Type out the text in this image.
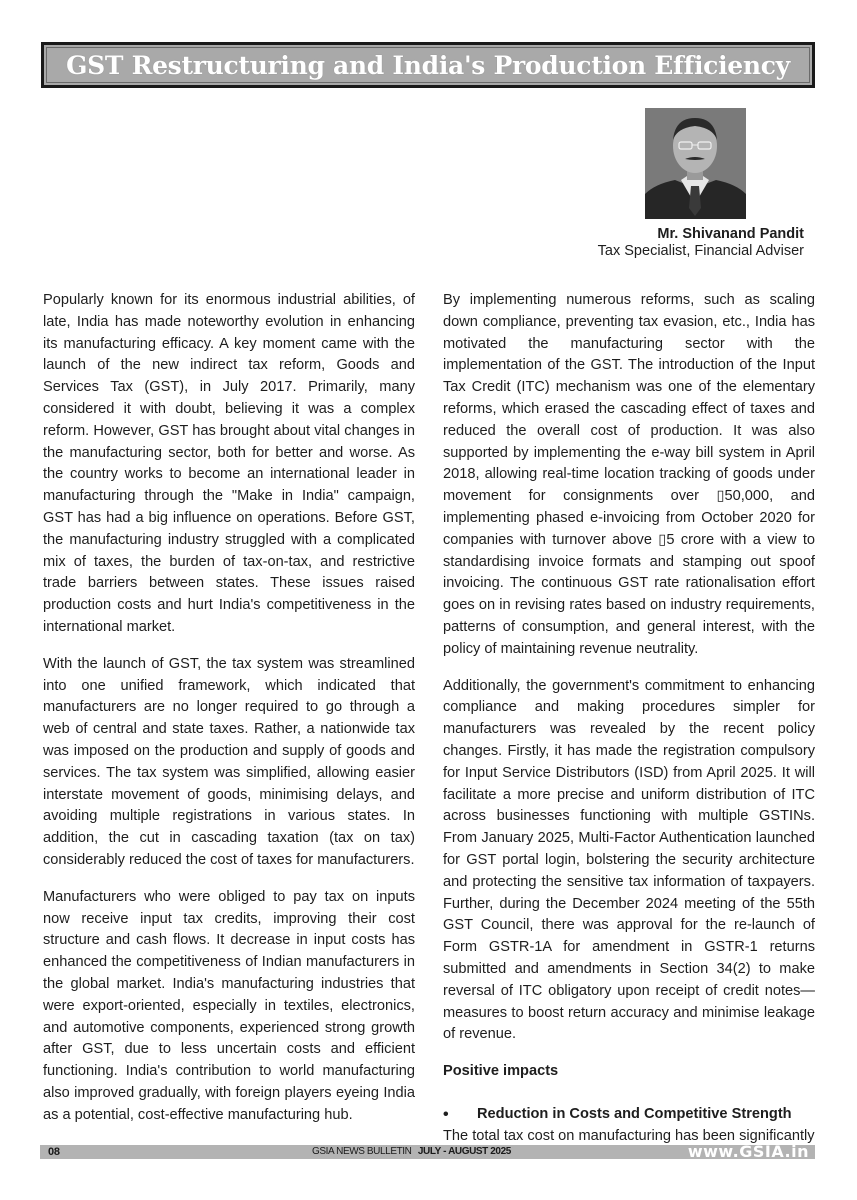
GST Restructuring and India's Production Efficiency
Mr. Shivanand Pandit
Tax Specialist, Financial Adviser

Popularly known for its enormous industrial abilities, of late, India has made noteworthy evolution in enhancing its manufacturing efficacy. A key moment came with the launch of the new indirect tax reform, Goods and Services Tax (GST), in July 2017. Primarily, many considered it with doubt, believing it was a complex reform. However, GST has brought about vital changes in the manufacturing sector, both for better and worse. As the country works to become an international leader in manufacturing through the "Make in India" campaign, GST has had a big influence on operations. Before GST, the manufacturing industry struggled with a complicated mix of taxes, the burden of tax-on-tax, and restrictive trade barriers between states. These issues raised production costs and hurt India's competitiveness in the international market.

With the launch of GST, the tax system was streamlined into one unified framework, which indicated that manufacturers are no longer required to go through a web of central and state taxes. Rather, a nationwide tax was imposed on the production and supply of goods and services. The tax system was simplified, allowing easier interstate movement of goods, minimising delays, and avoiding multiple registrations in various states. In addition, the cut in cascading taxation (tax on tax) considerably reduced the cost of taxes for manufacturers.

Manufacturers who were obliged to pay tax on inputs now receive input tax credits, improving their cost structure and cash flows. It decrease in input costs has enhanced the competitiveness of Indian manufacturers in the global market. India's manufacturing industries that were export-oriented, especially in textiles, electronics, and automotive components, experienced strong growth after GST, due to less uncertain costs and efficient functioning. India's contribution to world manufacturing also improved gradually, with foreign players eyeing India as a potential, cost-effective manufacturing hub.

By implementing numerous reforms, such as scaling down compliance, preventing tax evasion, etc., India has motivated the manufacturing sector with the implementation of the GST. The introduction of the Input Tax Credit (ITC) mechanism was one of the elementary reforms, which erased the cascading effect of taxes and reduced the overall cost of production. It was also supported by implementing the e-way bill system in April 2018, allowing real-time location tracking of goods under movement for consignments over ▯50,000, and implementing phased e-invoicing from October 2020 for companies with turnover above ▯5 crore with a view to standardising invoice formats and stamping out spoof invoicing. The continuous GST rate rationalisation effort goes on in revising rates based on industry requirements, patterns of consumption, and general interest, with the policy of maintaining revenue neutrality.

Additionally, the government's commitment to enhancing compliance and making procedures simpler for manufacturers was revealed by the recent policy changes. Firstly, it has made the registration compulsory for Input Service Distributors (ISD) from April 2025. It will facilitate a more precise and uniform distribution of ITC across businesses functioning with multiple GSTINs. From January 2025, Multi-Factor Authentication launched for GST portal login, bolstering the security architecture and protecting the sensitive tax information of taxpayers. Further, during the December 2024 meeting of the 55th GST Council, there was approval for the re-launch of Form GSTR-1A for amendment in GSTR-1 returns submitted and amendments in Section 34(2) to make reversal of ITC obligatory upon receipt of credit notes—measures to boost return accuracy and minimise leakage of revenue.

Positive impacts
•	Reduction in Costs and Competitive Strength
The total tax cost on manufacturing has been significantly
08	GSIA NEWS BULLETIN JULY - AUGUST 2025	www.GSIA.in
